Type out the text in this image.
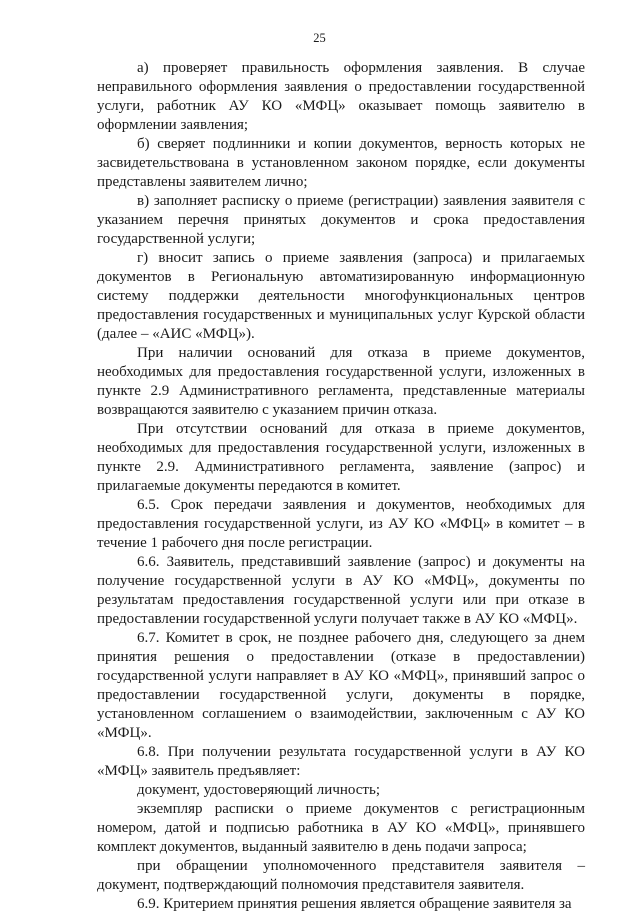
25

а) проверяет правильность оформления заявления. В случае неправильного оформления заявления о предоставлении государственной услуги, работник АУ КО «МФЦ» оказывает помощь заявителю в оформлении заявления;

б) сверяет подлинники и копии документов, верность которых не засвидетельствована в установленном законом порядке, если документы представлены заявителем лично;

в) заполняет расписку о приеме (регистрации) заявления заявителя с указанием перечня принятых документов и срока предоставления государственной услуги;

г) вносит запись о приеме заявления (запроса) и прилагаемых документов в Региональную автоматизированную информационную систему поддержки деятельности многофункциональных центров предоставления государственных и муниципальных услуг Курской области (далее – «АИС «МФЦ»).

При наличии оснований для отказа в приеме документов, необходимых для предоставления государственной услуги, изложенных в пункте 2.9 Административного регламента, представленные материалы возвращаются заявителю с указанием причин отказа.

При отсутствии оснований для отказа в приеме документов, необходимых для предоставления государственной услуги, изложенных в пункте 2.9. Административного регламента, заявление (запрос) и прилагаемые документы передаются в комитет.

6.5. Срок передачи заявления и документов, необходимых для предоставления государственной услуги, из АУ КО «МФЦ» в комитет – в течение 1 рабочего дня после регистрации.

6.6. Заявитель, представивший заявление (запрос) и документы на получение государственной услуги в АУ КО «МФЦ», документы по результатам предоставления государственной услуги или при отказе в предоставлении государственной услуги получает также в АУ КО «МФЦ».

6.7. Комитет в срок, не позднее рабочего дня, следующего за днем принятия решения о предоставлении (отказе в предоставлении) государственной услуги направляет в АУ КО «МФЦ», принявший запрос о предоставлении государственной услуги, документы в порядке, установленном соглашением о взаимодействии, заключенным с АУ КО «МФЦ».

6.8. При получении результата государственной услуги в АУ КО «МФЦ» заявитель предъявляет:

документ, удостоверяющий личность;

экземпляр расписки о приеме документов с регистрационным номером, датой и подписью работника в АУ КО «МФЦ», принявшего комплект документов, выданный заявителю в день подачи запроса;

при обращении уполномоченного представителя заявителя – документ, подтверждающий полномочия представителя заявителя.

6.9. Критерием принятия решения является обращение заявителя за
